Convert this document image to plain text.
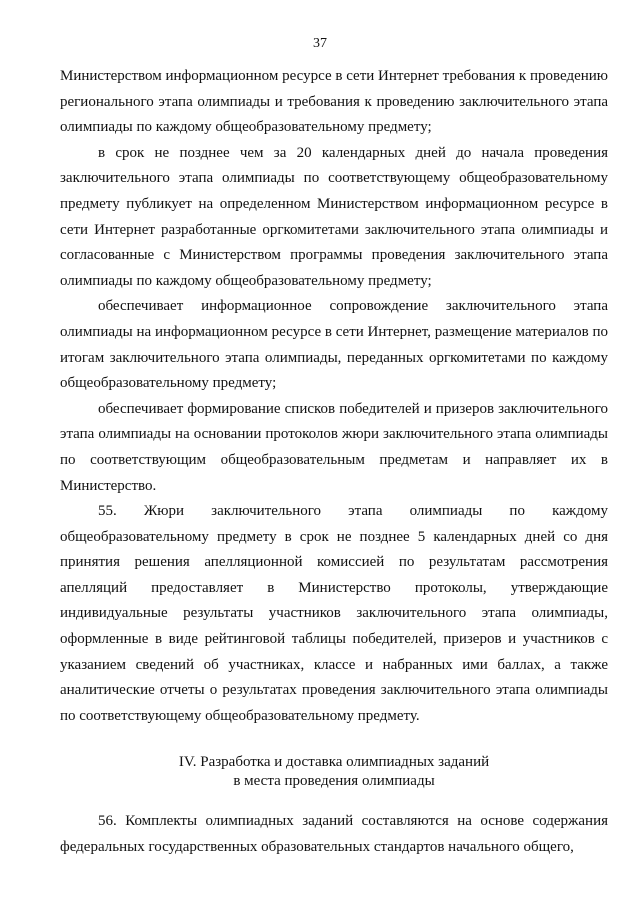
37

Министерством информационном ресурсе в сети Интернет требования к проведению регионального этапа олимпиады и требования к проведению заключительного этапа олимпиады по каждому общеобразовательному предмету;

в срок не позднее чем за 20 календарных дней до начала проведения заключительного этапа олимпиады по соответствующему общеобразовательному предмету публикует на определенном Министерством информационном ресурсе в сети Интернет разработанные оргкомитетами заключительного этапа олимпиады и согласованные с Министерством программы проведения заключительного этапа олимпиады по каждому общеобразовательному предмету;

обеспечивает информационное сопровождение заключительного этапа олимпиады на информационном ресурсе в сети Интернет, размещение материалов по итогам заключительного этапа олимпиады, переданных оргкомитетами по каждому общеобразовательному предмету;

обеспечивает формирование списков победителей и призеров заключительного этапа олимпиады на основании протоколов жюри заключительного этапа олимпиады по соответствующим общеобразовательным предметам и направляет их в Министерство.

55. Жюри заключительного этапа олимпиады по каждому общеобразовательному предмету в срок не позднее 5 календарных дней со дня принятия решения апелляционной комиссией по результатам рассмотрения апелляций предоставляет в Министерство протоколы, утверждающие индивидуальные результаты участников заключительного этапа олимпиады, оформленные в виде рейтинговой таблицы победителей, призеров и участников с указанием сведений об участниках, классе и набранных ими баллах, а также аналитические отчеты о результатах проведения заключительного этапа олимпиады по соответствующему общеобразовательному предмету.

IV. Разработка и доставка олимпиадных заданий
в места проведения олимпиады

56. Комплекты олимпиадных заданий составляются на основе содержания федеральных государственных образовательных стандартов начального общего,
